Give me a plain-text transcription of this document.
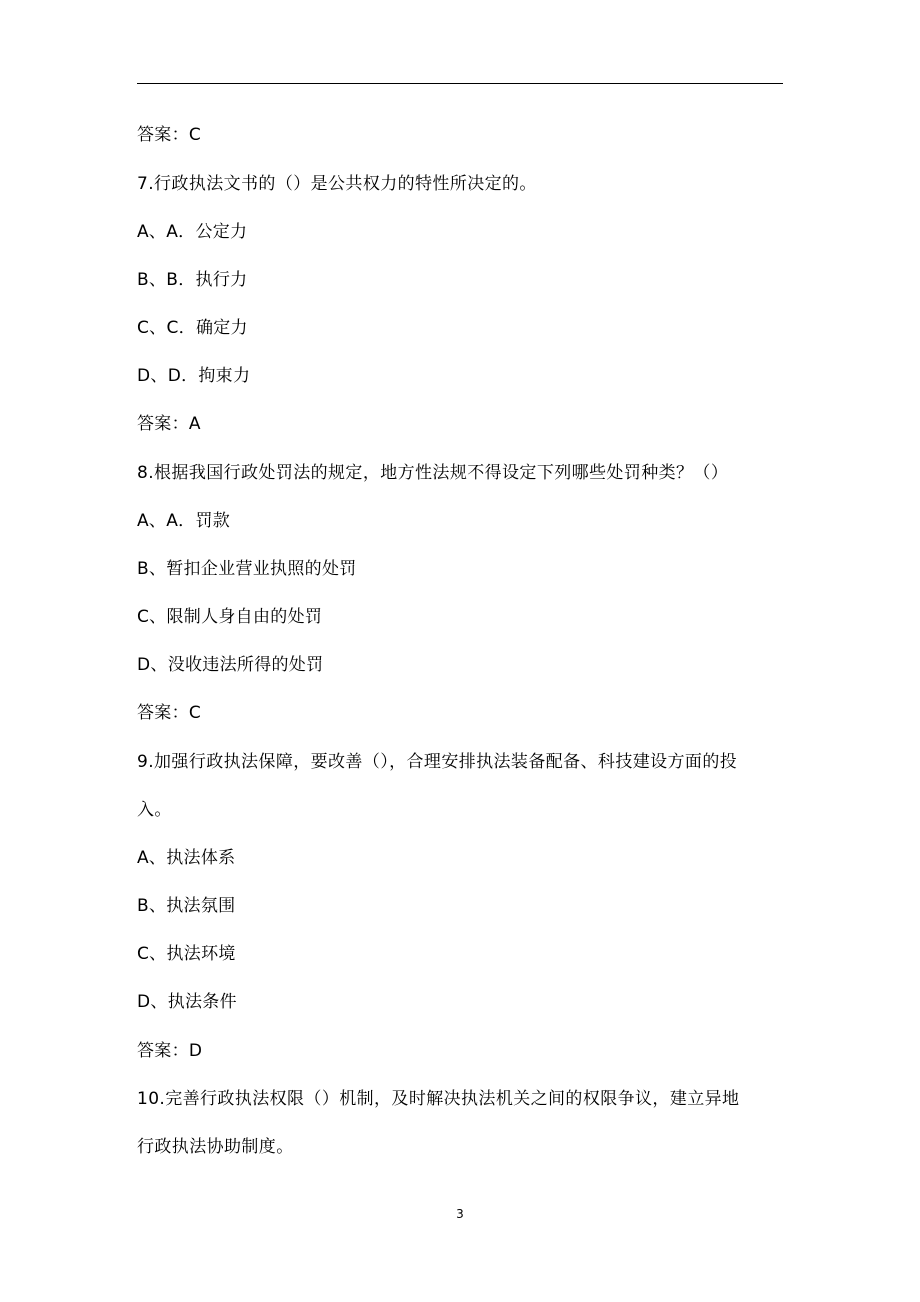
答案：C
7.行政执法文书的（）是公共权力的特性所决定的。
A、A．公定力
B、B．执行力
C、C．确定力
D、D．拘束力
答案：A
8.根据我国行政处罚法的规定，地方性法规不得设定下列哪些处罚种类？（）
A、A．罚款
B、暂扣企业营业执照的处罚
C、限制人身自由的处罚
D、没收违法所得的处罚
答案：C
9.加强行政执法保障，要改善（），合理安排执法装备配备、科技建设方面的投
入。
A、执法体系
B、执法氛围
C、执法环境
D、执法条件
答案：D
10.完善行政执法权限（）机制，及时解决执法机关之间的权限争议，建立异地
行政执法协助制度。
3
